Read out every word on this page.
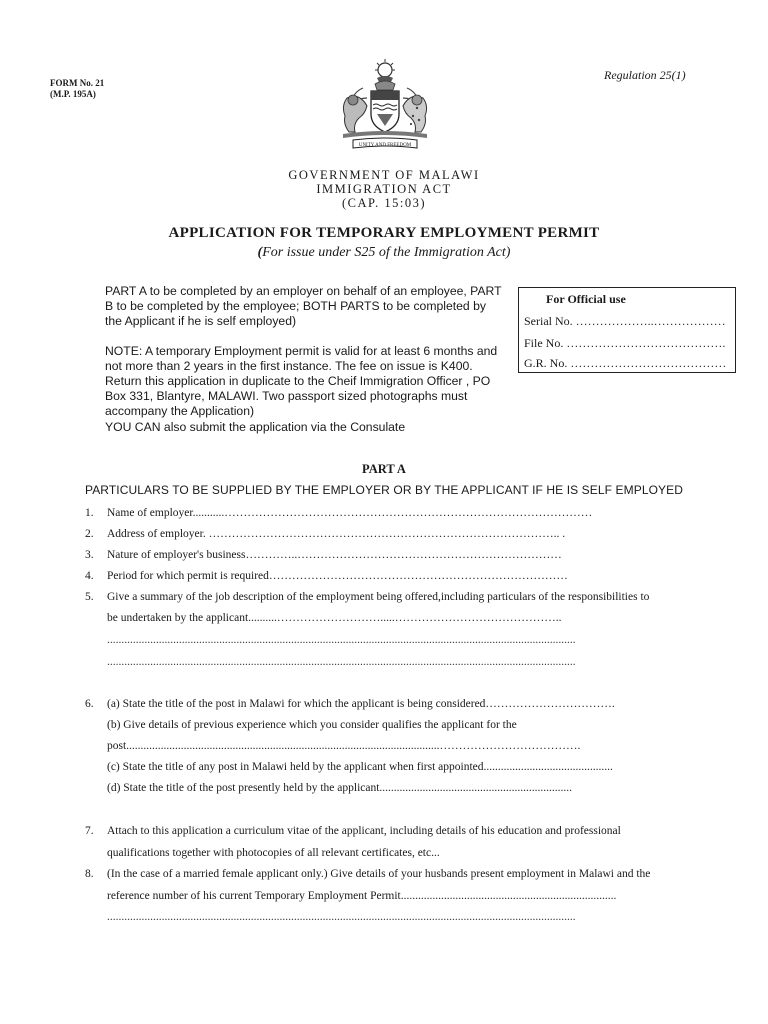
FORM No. 21
(M.P. 195A)
Regulation 25(1)
UNITY AND FREEDOM
GOVERNMENT OF MALAWI
IMMIGRATION ACT
(CAP. 15:03)
APPLICATION FOR TEMPORARY EMPLOYMENT PERMIT
(For issue under S25 of the Immigration Act)

PART A to be completed by an employer on behalf of an employee, PART B to be completed by the employee; BOTH PARTS to be completed by the Applicant if he is self employed)

NOTE: A temporary Employment permit is valid for at least 6 months and not more than 2 years in the first instance. The fee on issue is K400. Return this application in duplicate to the Cheif Immigration Officer , PO Box 331, Blantyre, MALAWI. Two passport sized photographs must accompany the Application)

YOU CAN also submit the application via the Consulate
For Official use
Serial No. ………………..………………
File No. ………………………………….
G.R. No. …………………………………
PART A
PARTICULARS TO BE SUPPLIED BY THE EMPLOYER OR BY THE APPLICANT IF HE IS SELF EMPLOYED
1. Name of employer...........……………………………………………………………………………………
2. Address of employer. ……………………………………………………………………………….. .
3. Nature of employer's business…………..……………………………………………………………
4. Period for which permit is required……………………………………………………………………
5. Give a summary of the job description of the employment being offered,including particulars of the responsibilities to
be undertaken by the applicant..........……………………….....……………………………………..
...................................................................................................................................................................
...................................................................................................................................................................
6. (a) State the title of the post in Malawi for which the applicant is being considered…………………………….
(b) Give details of previous experience which you consider qualifies the applicant for the
post.............................................................................................................……………………………….
(c) State the title of any post in Malawi held by the applicant when first appointed.............................................
(d) State the title of the post presently held by the applicant...................................................................
7. Attach to this application a curriculum vitae of the applicant, including details of his education and professional
qualifications together with photocopies of all relevant certificates, etc...
8. (In the case of a married female applicant only.) Give details of your husbands present employment in Malawi and the
reference number of his current Temporary Employment Permit...........................................................................
...................................................................................................................................................................
